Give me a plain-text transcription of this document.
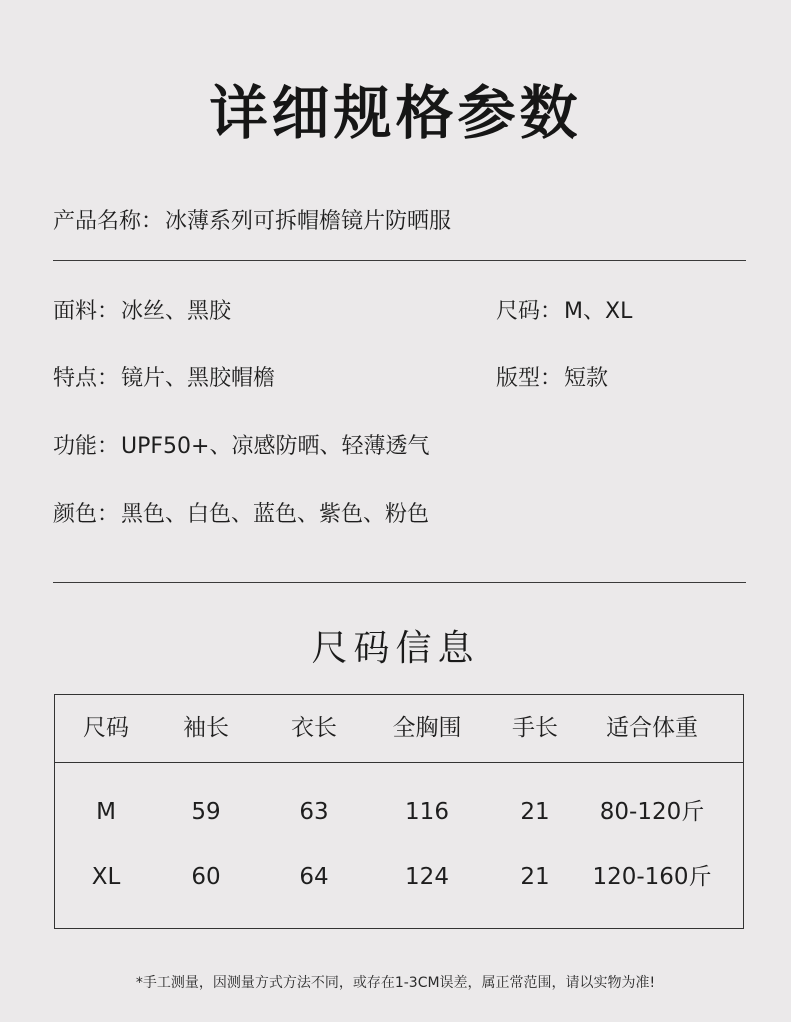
详细规格参数
产品名称：冰薄系列可拆帽檐镜片防晒服
面料：冰丝、黑胶	尺码：M、XL
特点：镜片、黑胶帽檐	版型：短款
功能：UPF50+、凉感防晒、轻薄透气
颜色：黑色、白色、蓝色、紫色、粉色
尺码信息
尺码 袖长	衣长 全胸围 手长 适合体重
M	59	63	116	21 80-120斤
XL	60	64	124	21 120-160斤
*手工测量，因测量方式方法不同，或存在1-3CM误差，属正常范围，请以实物为准!
